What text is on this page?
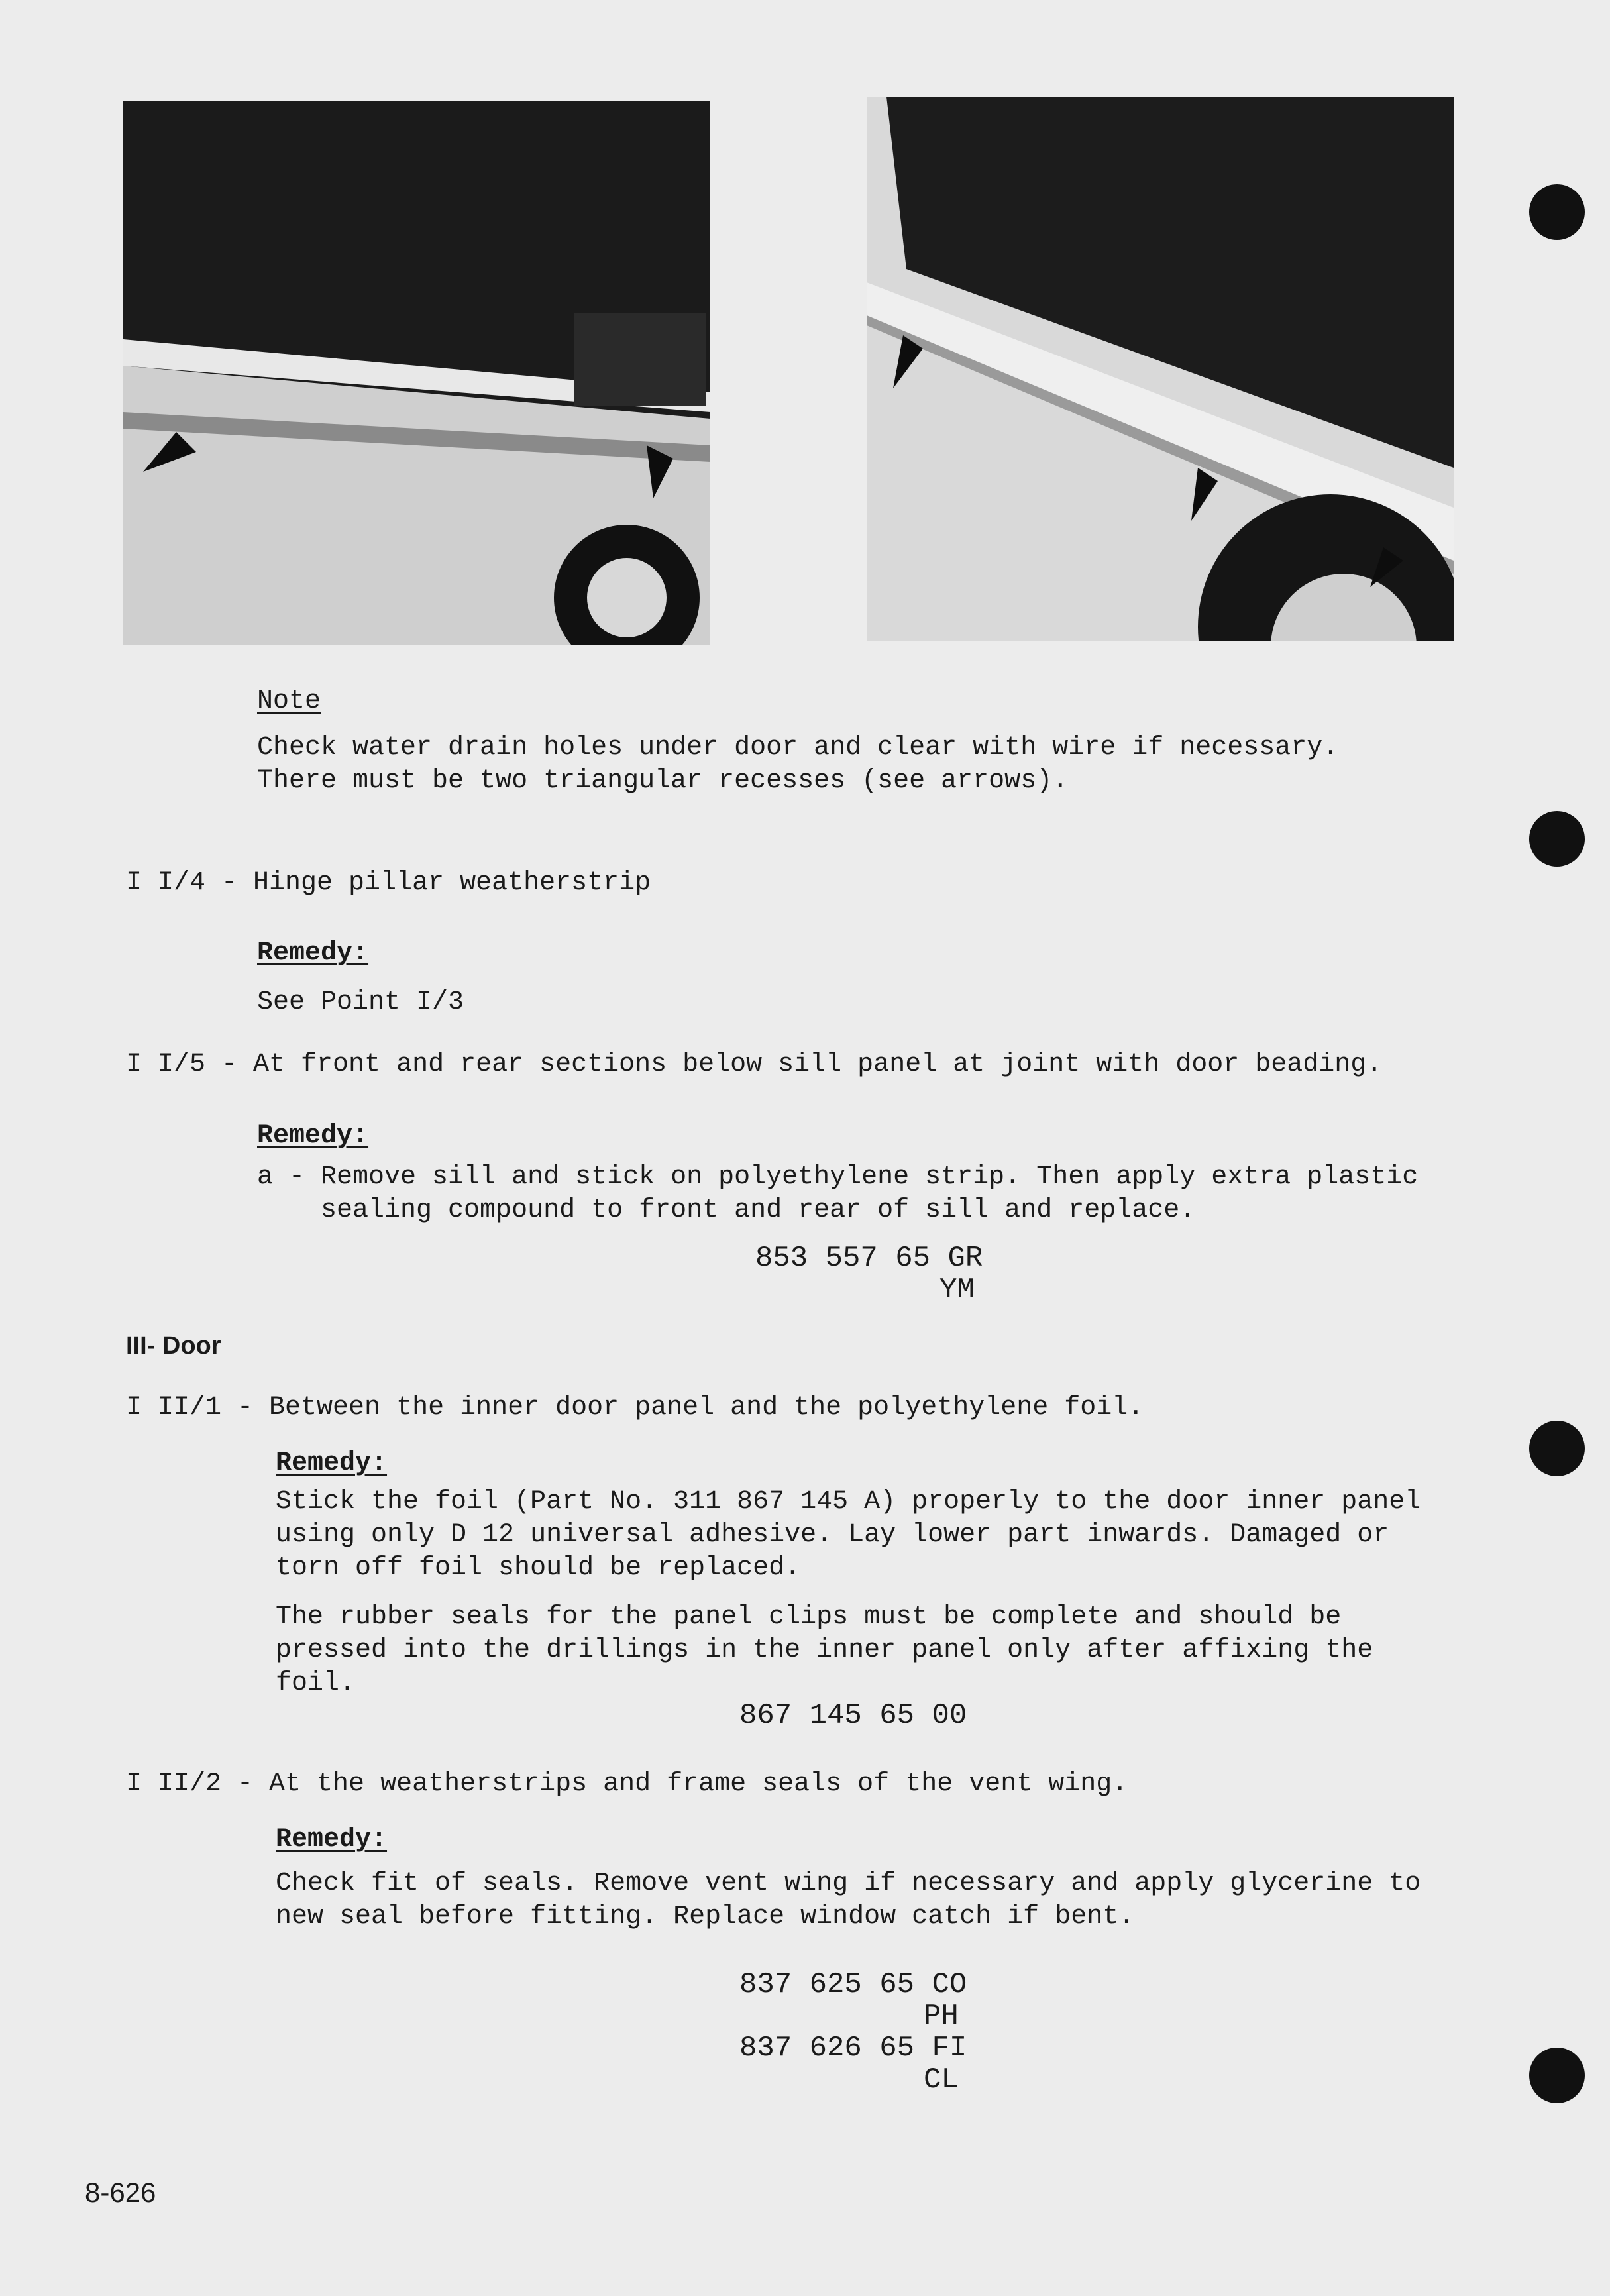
Note
Check water drain holes under door and clear with wire if necessary.
There must be two triangular recesses (see arrows).
I I/4 - Hinge pillar weatherstrip
Remedy:
See Point I/3
I I/5 - At front and rear sections below sill panel at joint with door beading.
Remedy:
a - Remove sill and stick on polyethylene strip. Then apply extra plastic
sealing compound to front and rear of sill and replace.
853 557 65 GR
YM
III- Door
I II/1 - Between the inner door panel and the polyethylene foil.
Remedy:
Stick the foil (Part No. 311 867 145 A) properly to the door inner panel
using only D 12 universal adhesive. Lay lower part inwards. Damaged or
torn off foil should be replaced.
The rubber seals for the panel clips must be complete and should be
pressed into the drillings in the inner panel only after affixing the
foil.
867 145 65 00
I II/2 - At the weatherstrips and frame seals of the vent wing.
Remedy:
Check fit of seals. Remove vent wing if necessary and apply glycerine to
new seal before fitting. Replace window catch if bent.
837 625 65 CO
PH
837 626 65 FI
CL
8-626
